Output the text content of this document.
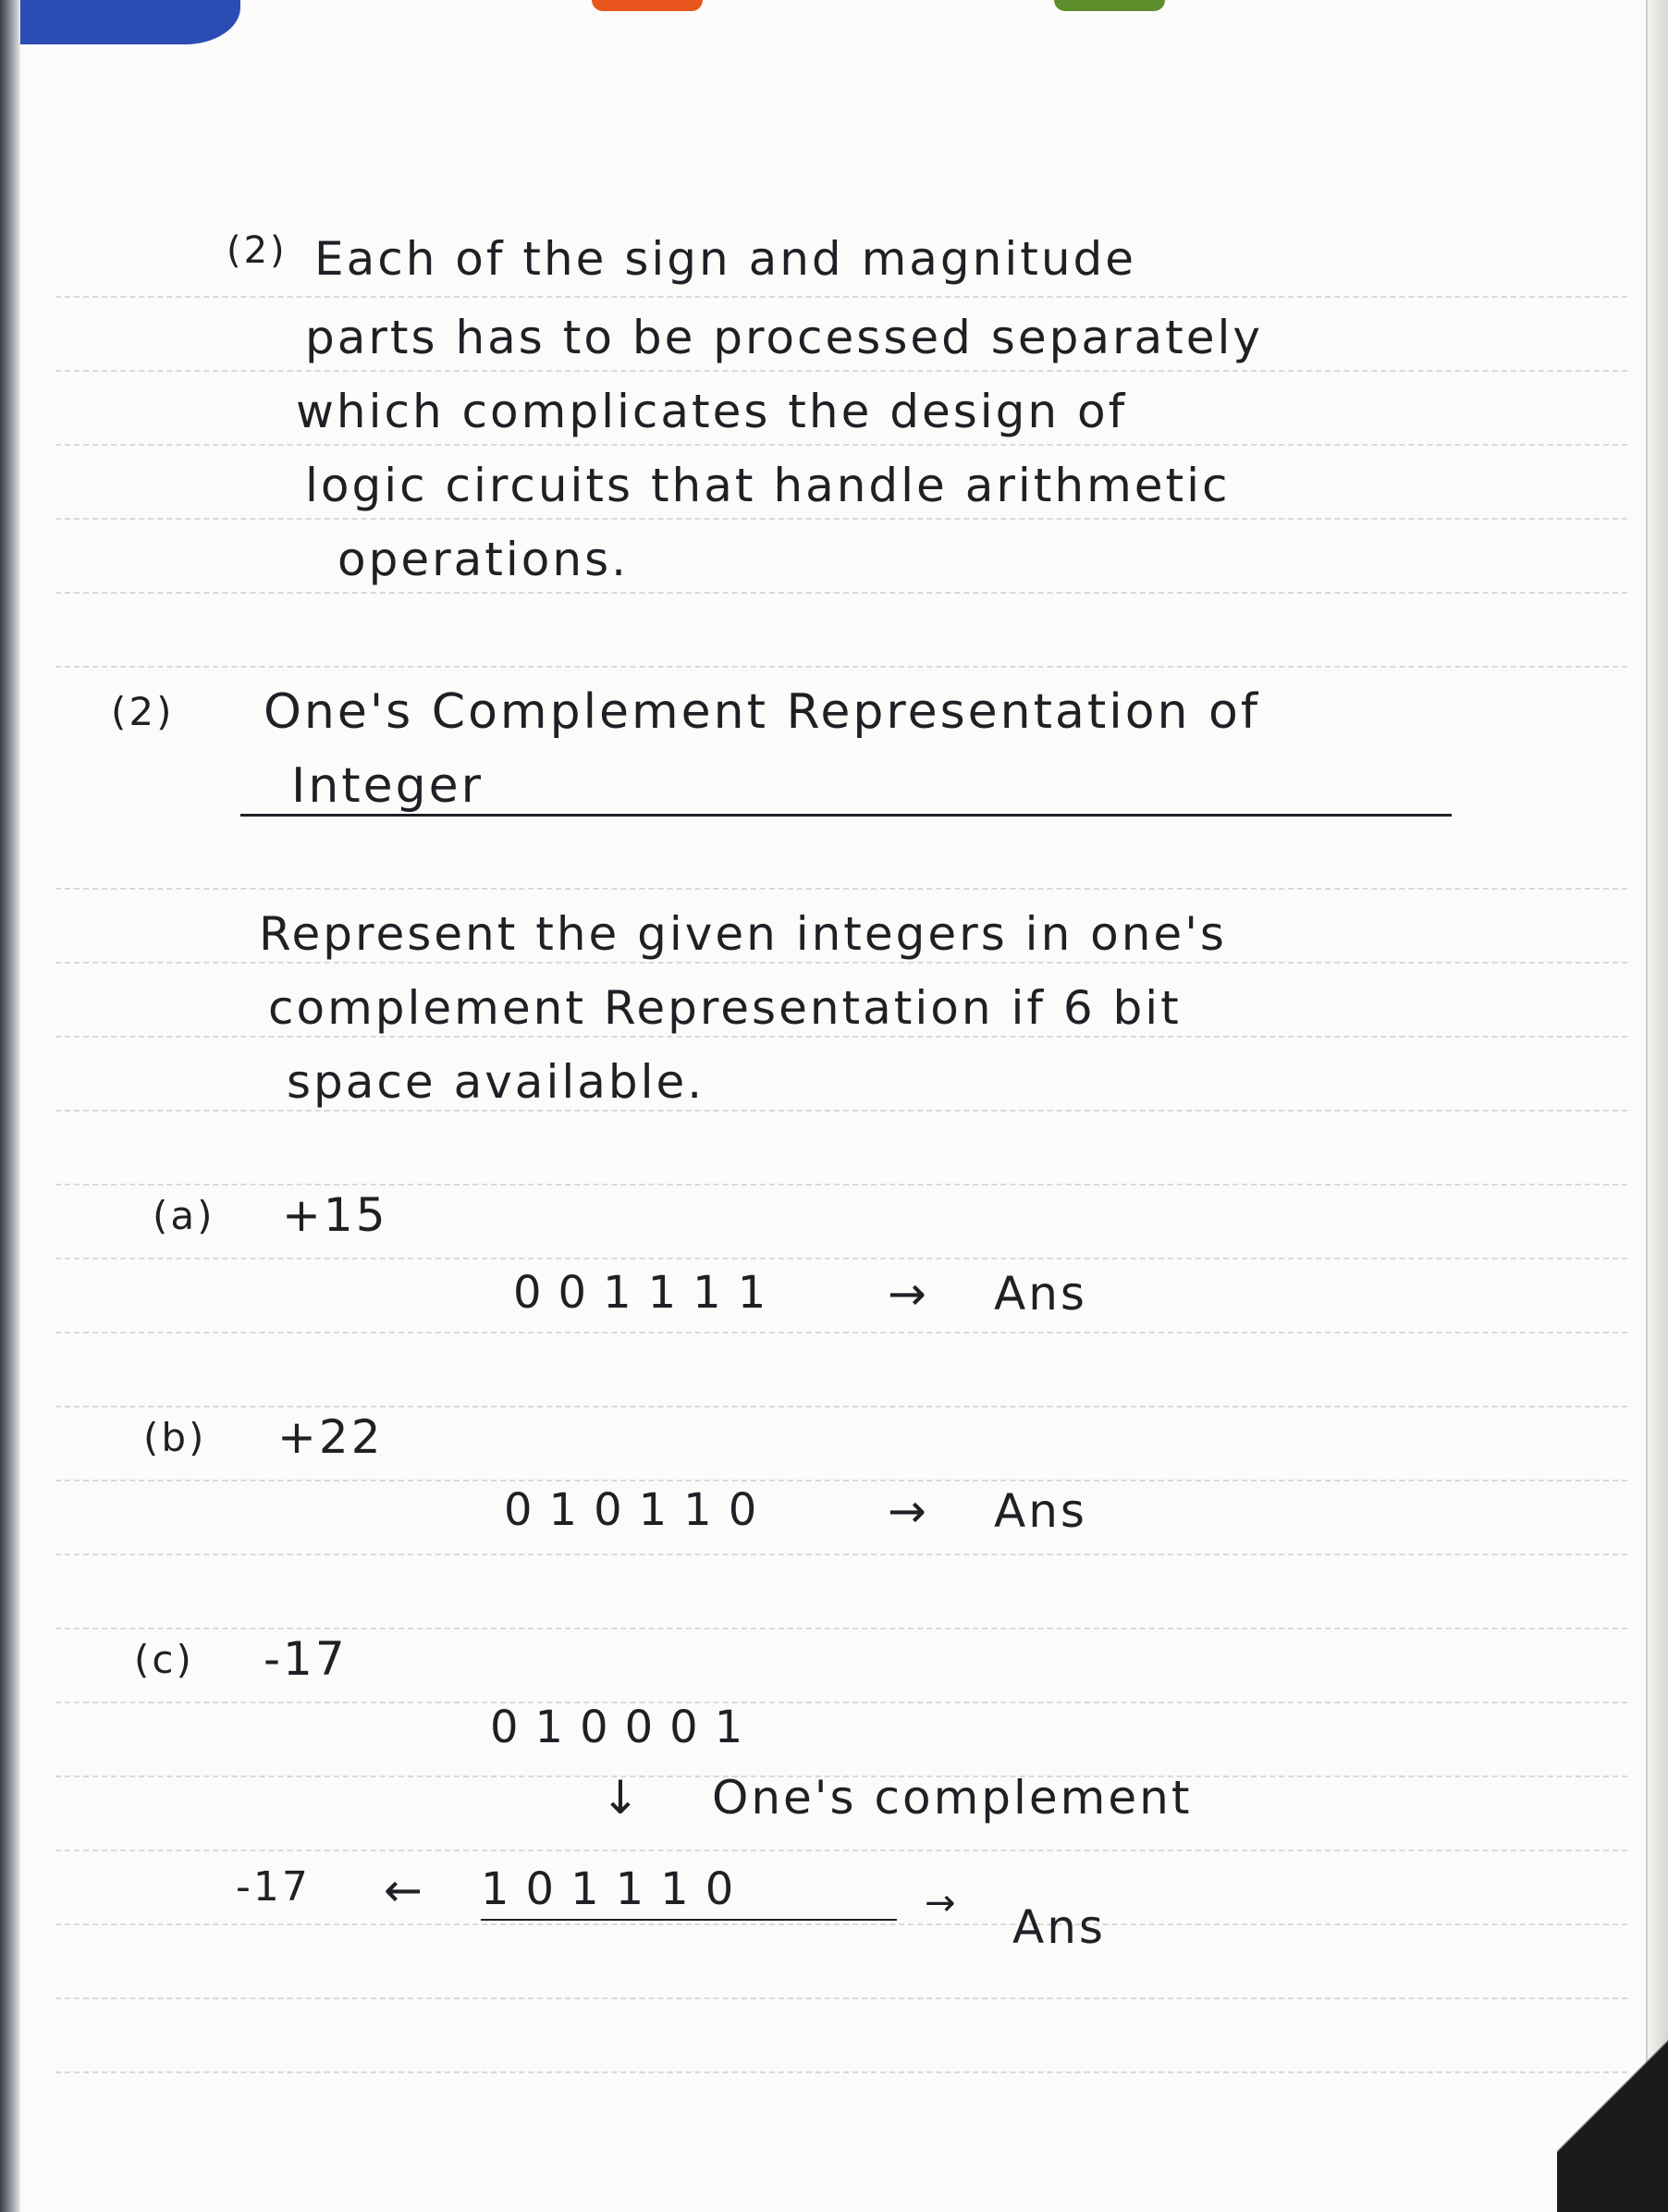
(2) Each of the sign and magnitude
parts has to be processed separately
which complicates the design of
logic circuits that handle arithmetic
operations.
(2) One's Complement Representation of
Integer
Represent the given integers in one's
complement Representation if 6 bit
space available.
(a) +15
001111 → Ans
(b) +22
010110 → Ans
(c) -17
010001
↓ One's complement
-17 ← 101110	→ Ans
